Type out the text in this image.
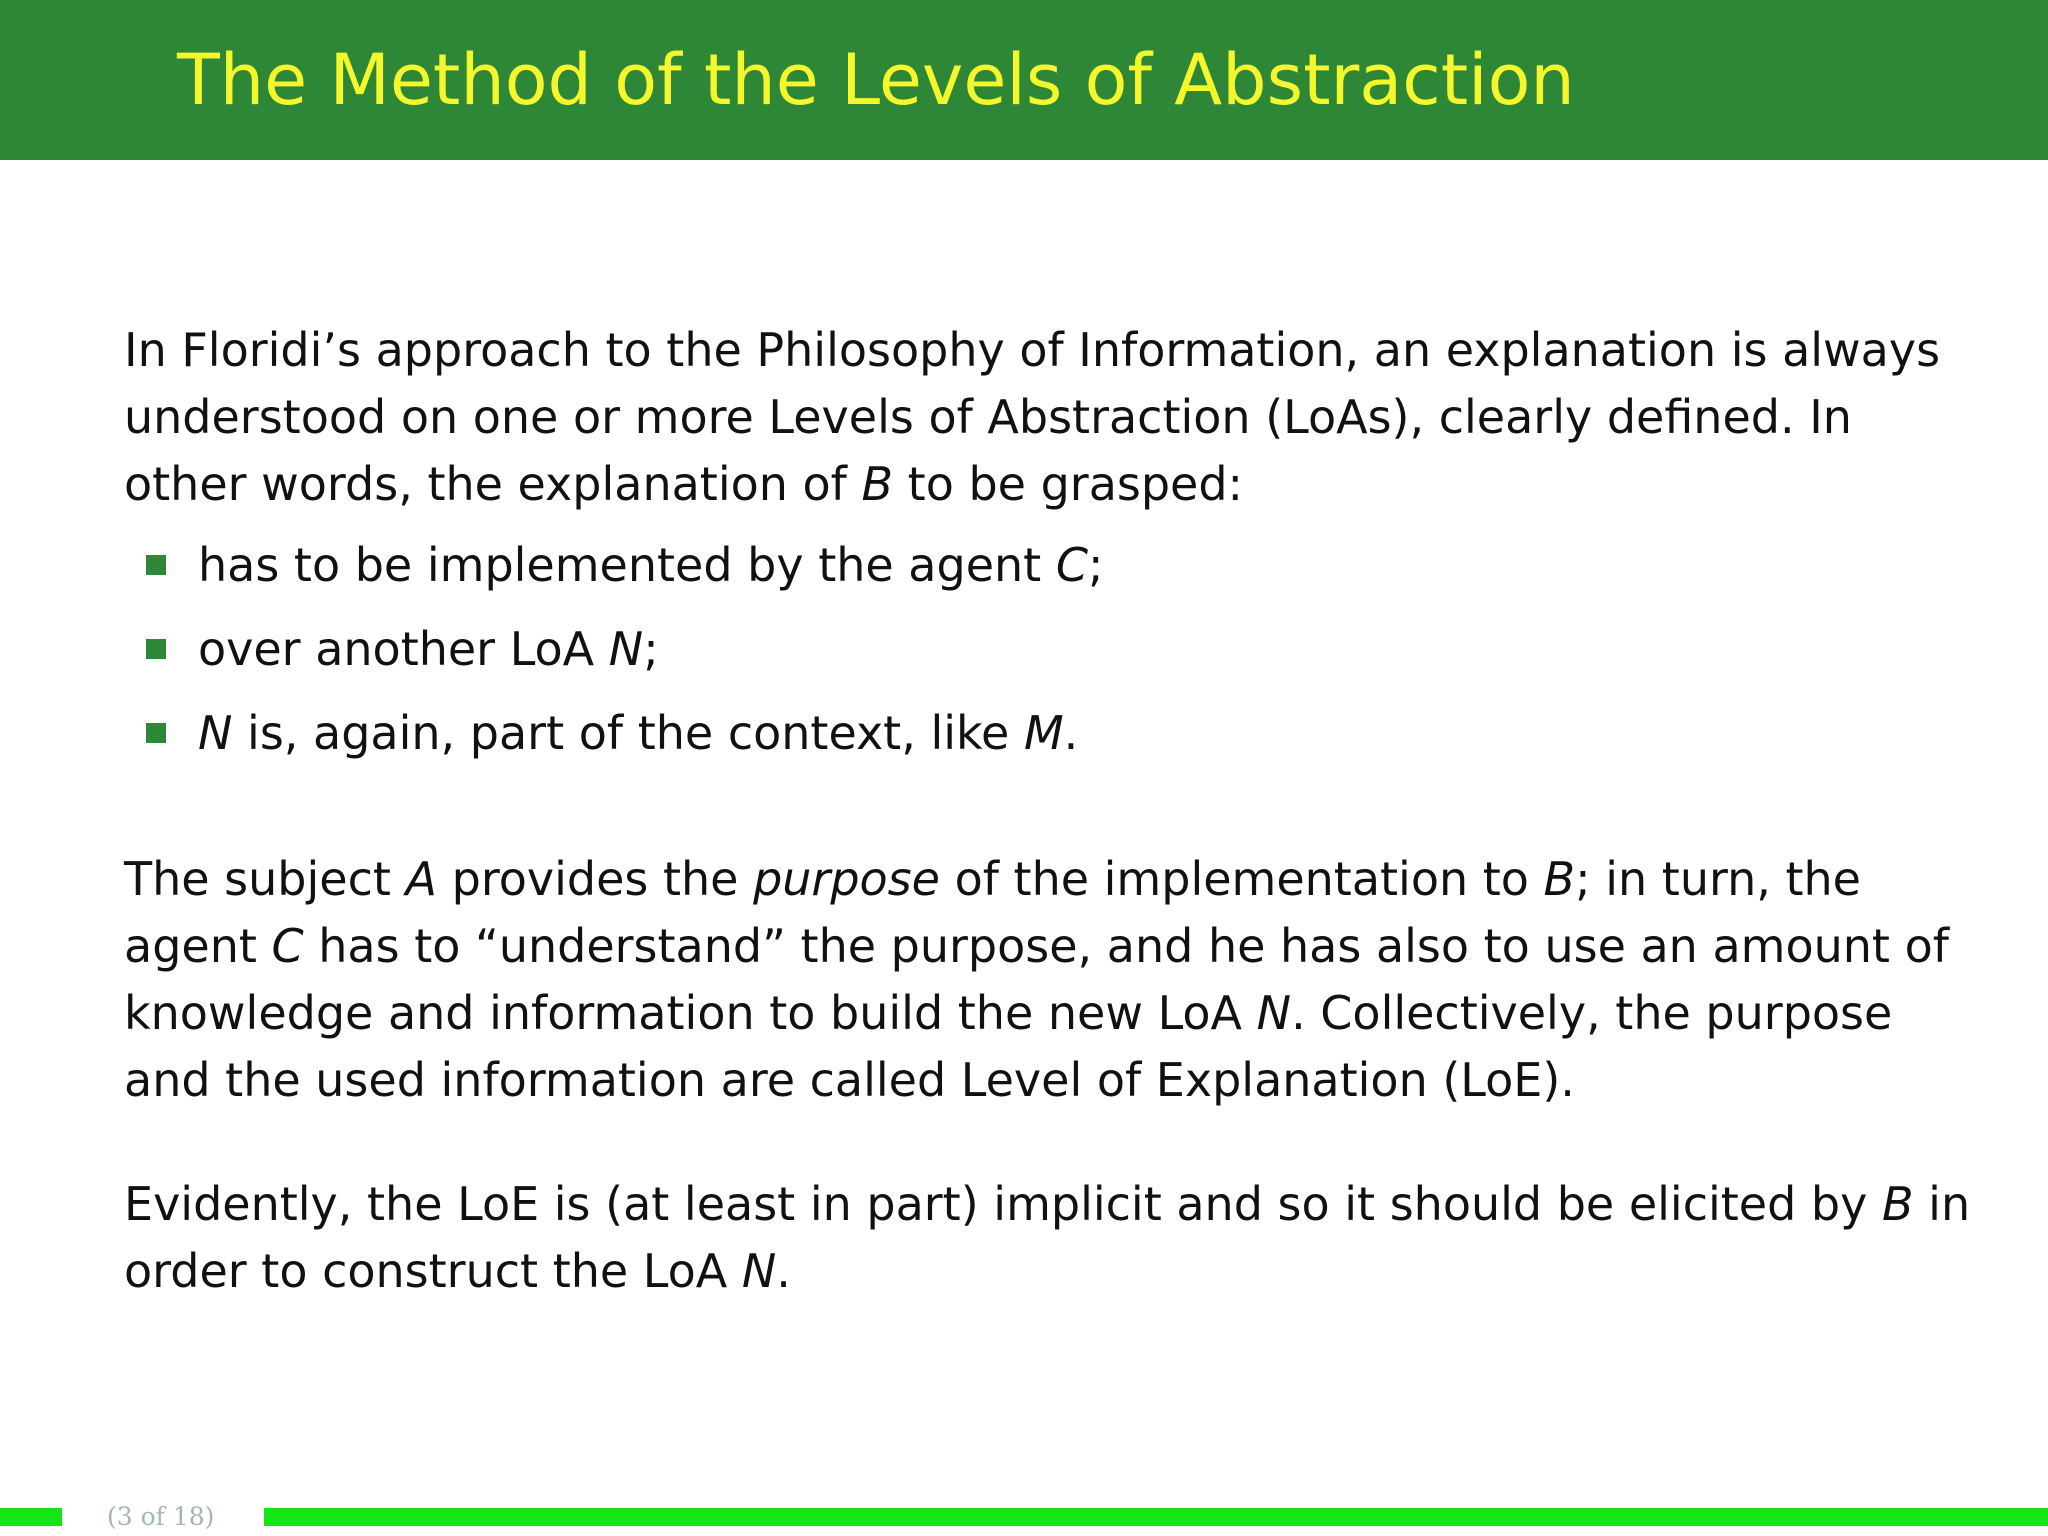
The Method of the Levels of Abstraction

In Floridi’s approach to the Philosophy of Information, an explanation is always understood on one or more Levels of Abstraction (LoAs), clearly defined. In other words, the explanation of B to be grasped:

has to be implemented by the agent C;
over another LoA N;
N is, again, part of the context, like M.

The subject A provides the purpose of the implementation to B; in turn, the agent C has to “understand” the purpose, and he has also to use an amount of knowledge and information to build the new LoA N. Collectively, the purpose and the used information are called Level of Explanation (LoE).

Evidently, the LoE is (at least in part) implicit and so it should be elicited by B in order to construct the LoA N.

(3 of 18)
